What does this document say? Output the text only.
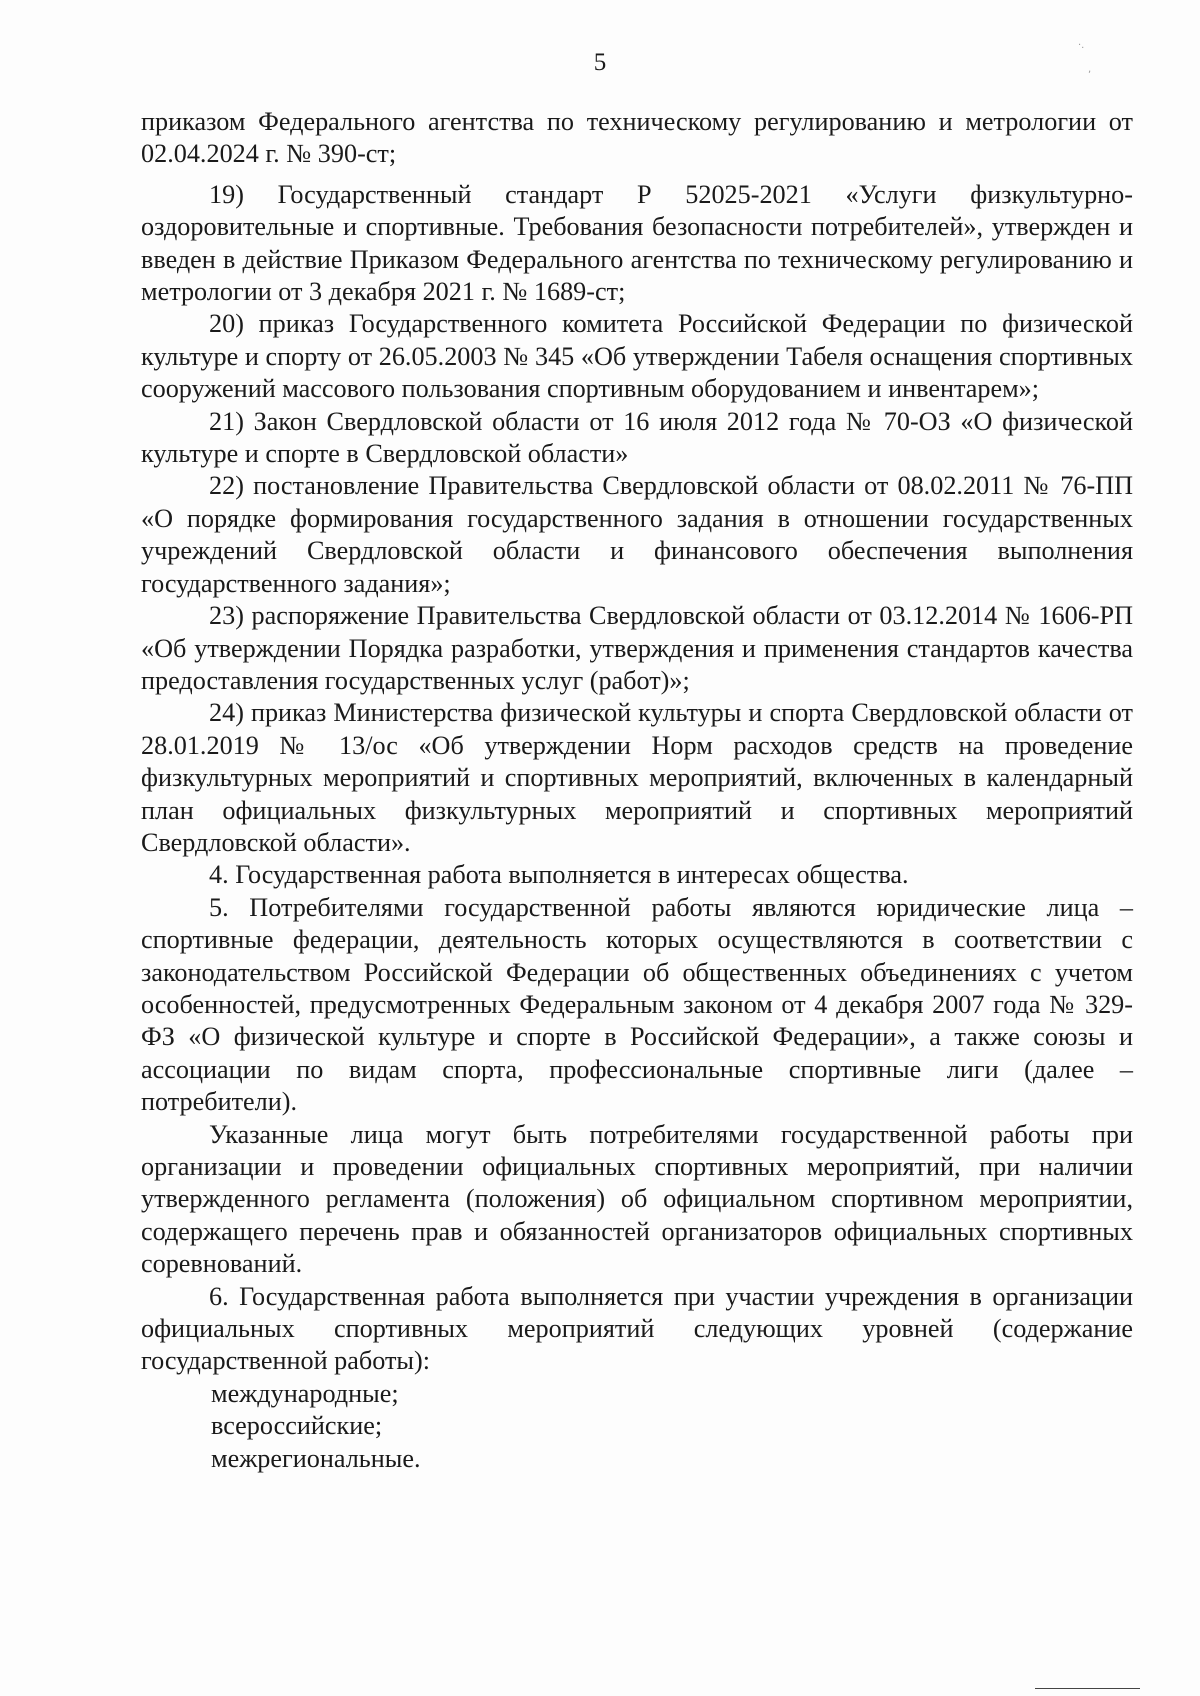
5
·.
,

приказом Федерального агентства по техническому регулированию и метрологии от 02.04.2024 г. № 390-ст;

19) Государственный стандарт Р 52025-2021 «Услуги физкультурно-оздоровительные и спортивные. Требования безопасности потребителей», утвержден и введен в действие Приказом Федерального агентства по техническому регулированию и метрологии от 3 декабря 2021 г. № 1689-ст;

20) приказ Государственного комитета Российской Федерации по физической культуре и спорту от 26.05.2003 № 345 «Об утверждении Табеля оснащения спортивных сооружений массового пользования спортивным оборудованием и инвентарем»;

21) Закон Свердловской области от 16 июля 2012 года № 70-ОЗ «О физической культуре и спорте в Свердловской области»

22) постановление Правительства Свердловской области от 08.02.2011 № 76-ПП «О порядке формирования государственного задания в отношении государственных учреждений Свердловской области и финансового обеспечения выполнения государственного задания»;

23) распоряжение Правительства Свердловской области от 03.12.2014 № 1606-РП «Об утверждении Порядка разработки, утверждения и применения стандартов качества предоставления государственных услуг (работ)»;

24) приказ Министерства физической культуры и спорта Свердловской области от 28.01.2019 № 13/ос «Об утверждении Норм расходов средств на проведение физкультурных мероприятий и спортивных мероприятий, включенных в календарный план официальных физкультурных мероприятий и спортивных мероприятий Свердловской области».

4. Государственная работа выполняется в интересах общества.

5. Потребителями государственной работы являются юридические лица – спортивные федерации, деятельность которых осуществляются в соответствии с законодательством Российской Федерации об общественных объединениях с учетом особенностей, предусмотренных Федеральным законом от 4 декабря 2007 года № 329-ФЗ «О физической культуре и спорте в Российской Федерации», а также союзы и ассоциации по видам спорта, профессиональные спортивные лиги (далее – потребители).

Указанные лица могут быть потребителями государственной работы при организации и проведении официальных спортивных мероприятий, при наличии утвержденного регламента (положения) об официальном спортивном мероприятии, содержащего перечень прав и обязанностей организаторов официальных спортивных соревнований.

6. Государственная работа выполняется при участии учреждения в организации официальных спортивных мероприятий следующих уровней (содержание государственной работы):

международные;

всероссийские;

межрегиональные.
